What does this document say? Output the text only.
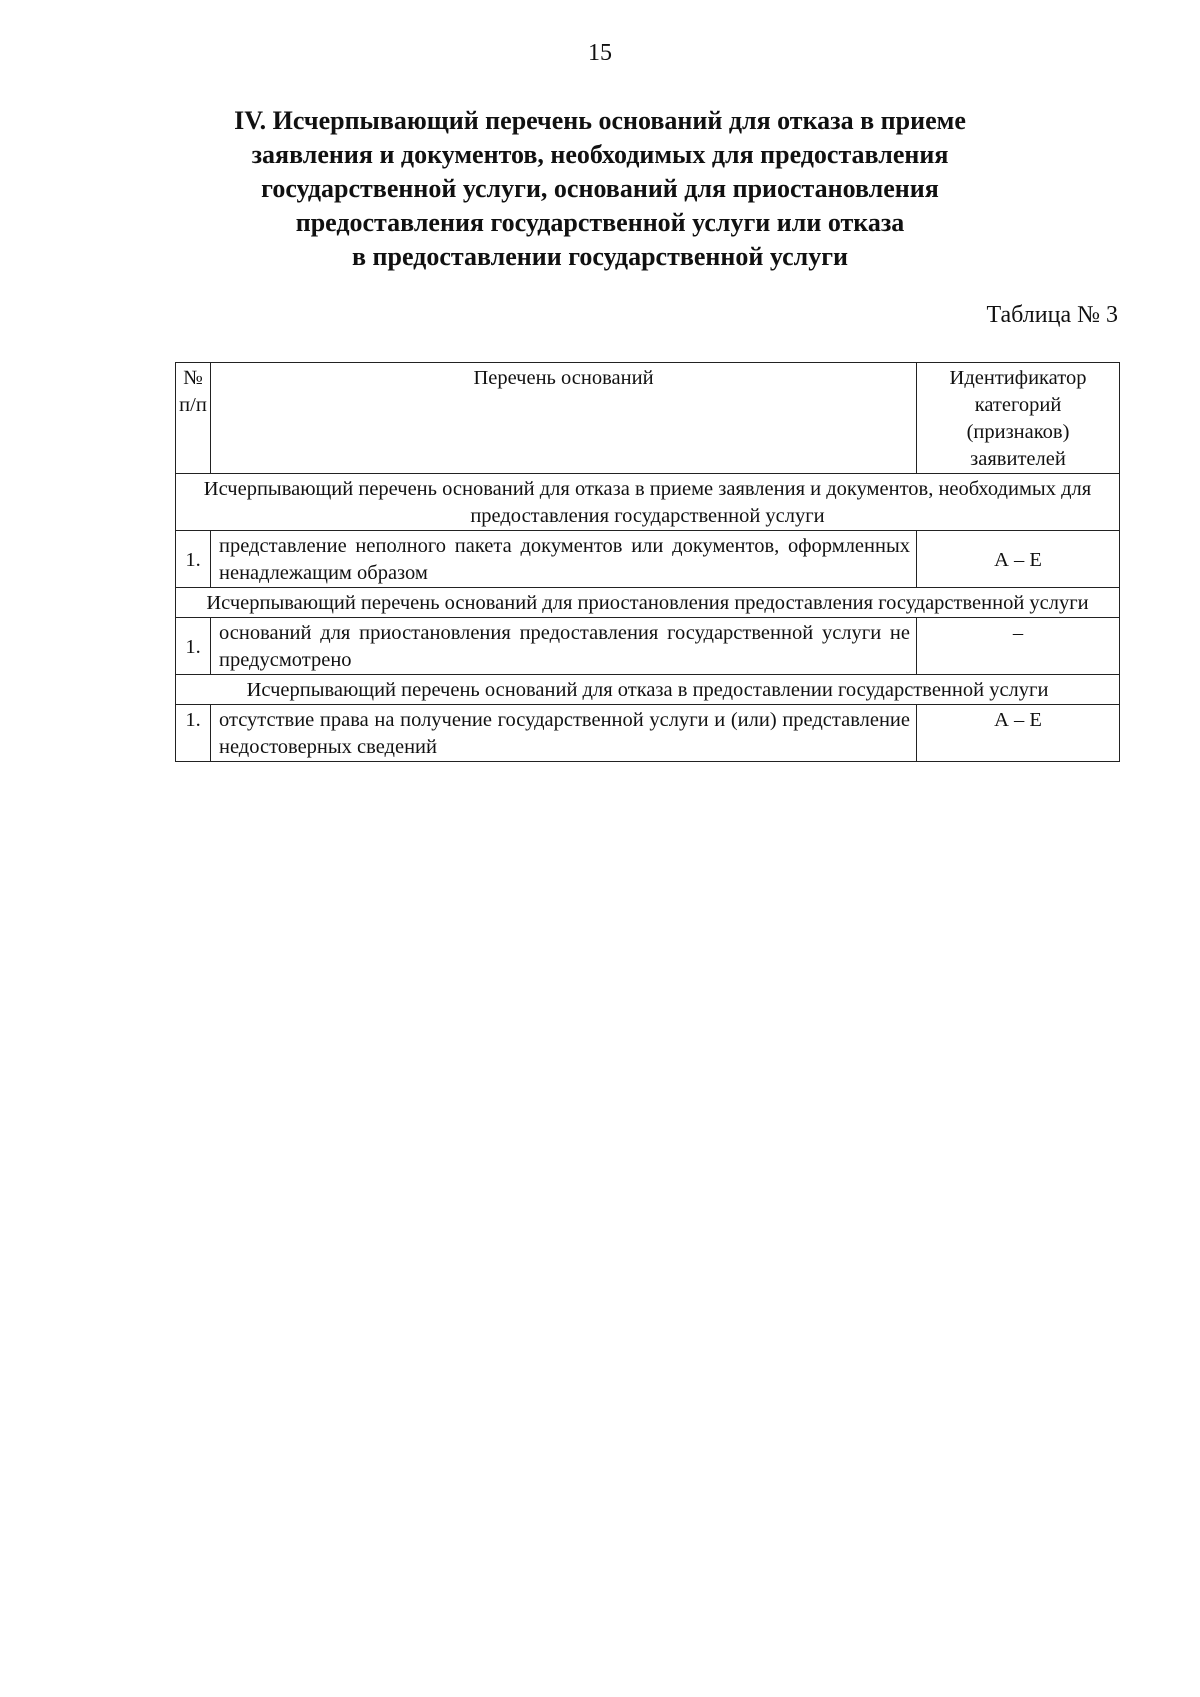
15
IV. Исчерпывающий перечень оснований для отказа в приеме
заявления и документов, необходимых для предоставления
государственной услуги, оснований для приостановления
предоставления государственной услуги или отказа
в предоставлении государственной услуги
Таблица № 3
№ п/п	Перечень оснований	Идентификатор категорий (признаков) заявителей
Исчерпывающий перечень оснований для отказа в приеме заявления и документов, необходимых для предоставления государственной услуги		
1.	представление неполного пакета документов или документов, оформленных ненадлежащим образом	А – Е
Исчерпывающий перечень оснований для приостановления предоставления государственной услуги		
1.	оснований для приостановления предоставления государственной услуги не предусмотрено	–
Исчерпывающий перечень оснований для отказа в предоставлении государственной услуги		
1.	отсутствие права на получение государственной услуги и (или) представление недостоверных сведений	А – Е
